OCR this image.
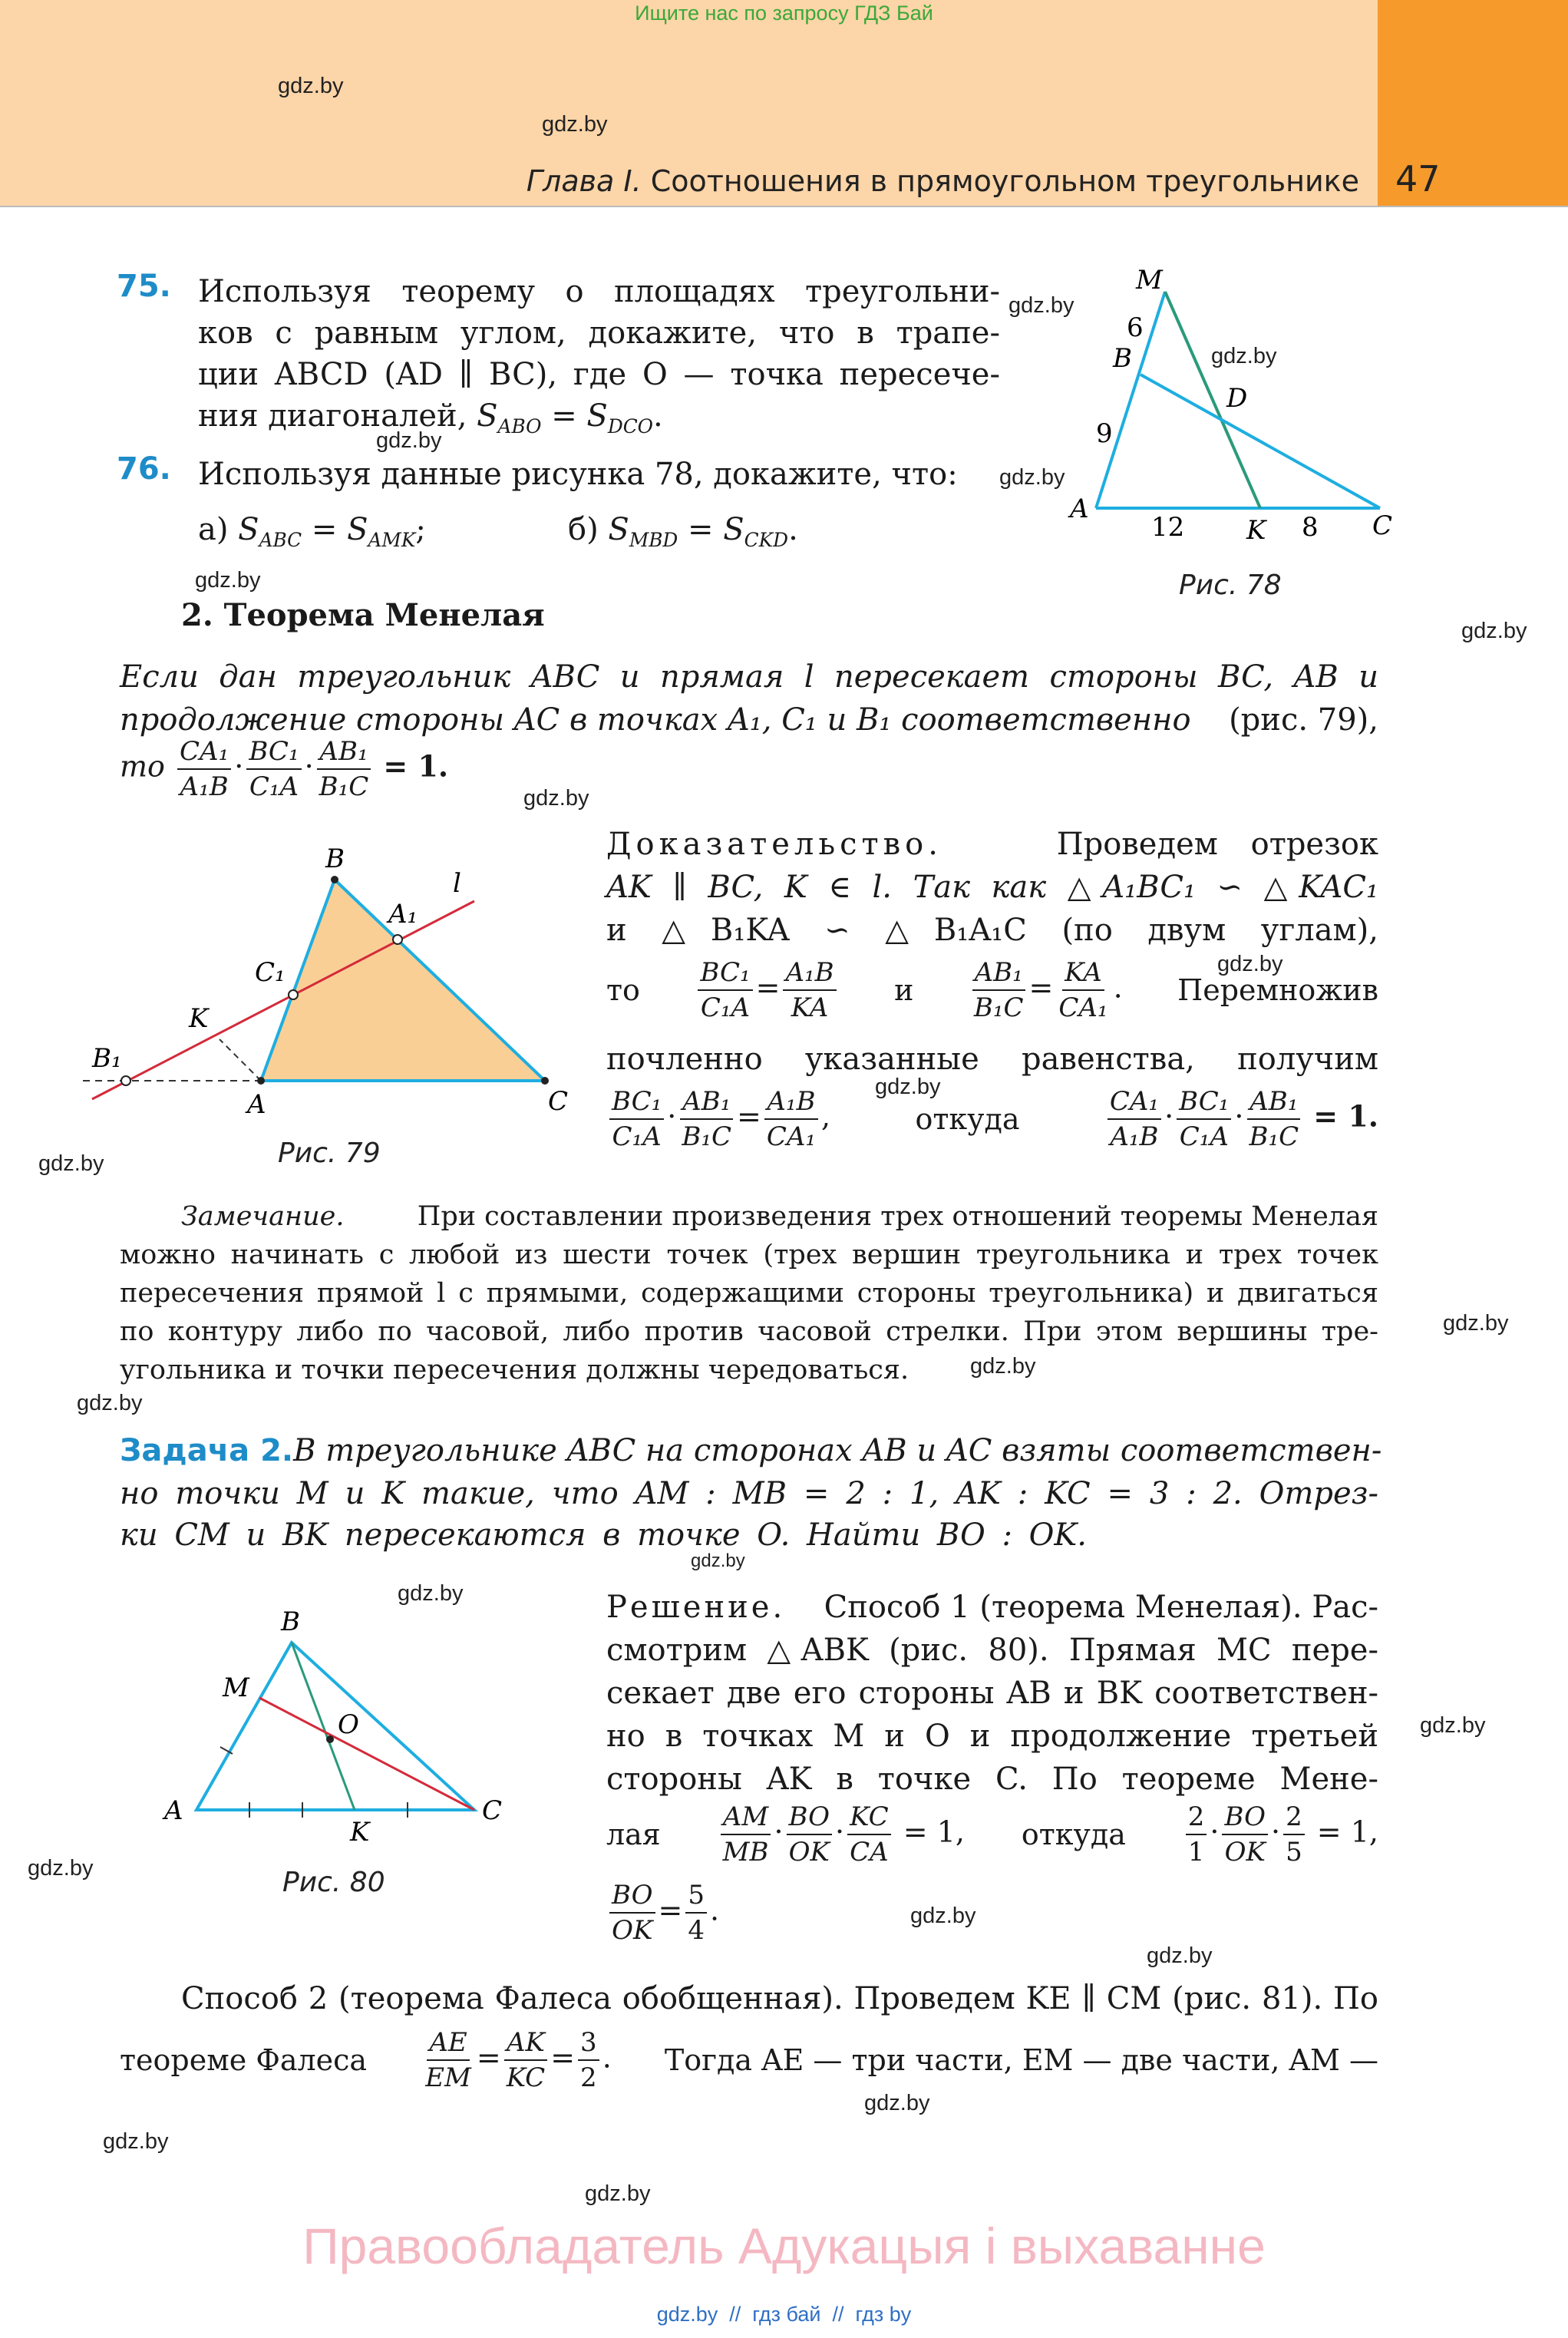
Ищите нас по запросу ГДЗ Бай
gdz.by
gdz.by
Глава I. Соотношения в прямоугольном треугольнике 47
75. Используя теорему о площадях треугольни-
ков с равным углом, докажите, что в трапе-
ции ABCD (AD ∥ BC), где O — точка пересече-
ния диагоналей, $S_{ABO} = S_{DCO}$.
gdz.by
gdz.by
76. Используя данные рисунка 78, докажите, что: gdz.by
а) $S_{ABC} = S_{AMK}$;	б) $S_{MBD} = S_{CKD}$.
M
6
B
D
9
A
12 K 8 C
gdz.by
Рис. 78
gdz.by
gdz.by
2. Теорема Менелая
Если дан треугольник ABC и прямая l пересекает стороны BC, AB и
продолжение стороны AC в точках A₁, C₁ и B₁ соответственно (рис. 79),
то $\frac{\text{CA₁}}{\text{A₁B}} \cdot \frac{\text{BC₁}}{\text{C₁A}} \cdot \frac{\text{AB₁}}{\text{B₁C}} = 1$.
gdz.by
B
l
A₁
C₁
K
B₁
A	C
Рис. 79
gdz.by
Доказательство.	Проведем отрезок
AK ∥ BC, K ∈ l. Так как △A₁BC₁ ∽ △KAC₁
и △B₁KA ∽ △B₁A₁C (по двум углам),
gdz.by
то $\frac{\text{BC₁}}{\text{C₁A}} = \frac{\text{A₁B}}{KA}$ и $\frac{\text{AB₁}}{\text{B₁C}} = \frac{KA}{\text{CA₁}}$ . Перемножив
почленно указанные равенства, получим
gdz.by
$\frac{\text{BC₁}}{\text{C₁A}} \cdot \frac{\text{AB₁}}{\text{B₁C}} = \frac{\text{A₁B}}{\text{CA₁}}$ ,	откуда	$\frac{\text{CA₁}}{\text{A₁B}} \cdot \frac{\text{BC₁}}{\text{C₁A}} \cdot \frac{\text{AB₁}}{\text{B₁C}} = 1$.
Замечание.	При составлении произведения трех отношений теоремы Менелая
можно начинать с любой из шести точек (трех вершин треугольника и трех точек
пересечения прямой l с прямыми, содержащими стороны треугольника) и двигаться
по контуру либо по часовой, либо против часовой стрелки. При этом вершины тре-
угольника и точки пересечения должны чередоваться.
gdz.by
gdz.by
gdz.by
Задача 2. В треугольнике ABC на сторонах AB и AC взяты соответствен-
но точки M и K такие, что AM : MB = 2 : 1, AK : KC = 3 : 2. Отрез-
ки CM и BK пересекаются в точке O. Найти BO : OK.
gdz.by
gdz.by
B
M
O
A
K
C
Рис. 80
gdz.by
Решение. Способ 1 (теорема Менелая). Рас-
смотрим △ABK (рис. 80). Прямая MC пере-
секает две его стороны AB и BK соответствен-
но в точках M и O и продолжение третьей
стороны AK в точке C. По теореме Мене-
gdz.by
лая $\frac{AM}{MB} \cdot \frac{BO}{OK} \cdot \frac{KC}{CA} = 1$, откуда $\frac{2}{1} \cdot \frac{BO}{OK} \cdot \frac{2}{5} = 1$,
$\frac{BO}{OK} = \frac{5}{4}$ .	gdz.by
gdz.by
Способ 2 (теорема Фалеса обобщенная). Проведем KE ∥ CM (рис. 81). По
теореме Фалеса $\frac{AE}{EM} = \frac{AK}{KC} = \frac{3}{2}$ . Тогда AE — три части, EM — две части, AM —
gdz.by
gdz.by
gdz.by
Правообладатель Адукацыя і выхаванне
gdz.by  //  гдз бай  //  гдз by
